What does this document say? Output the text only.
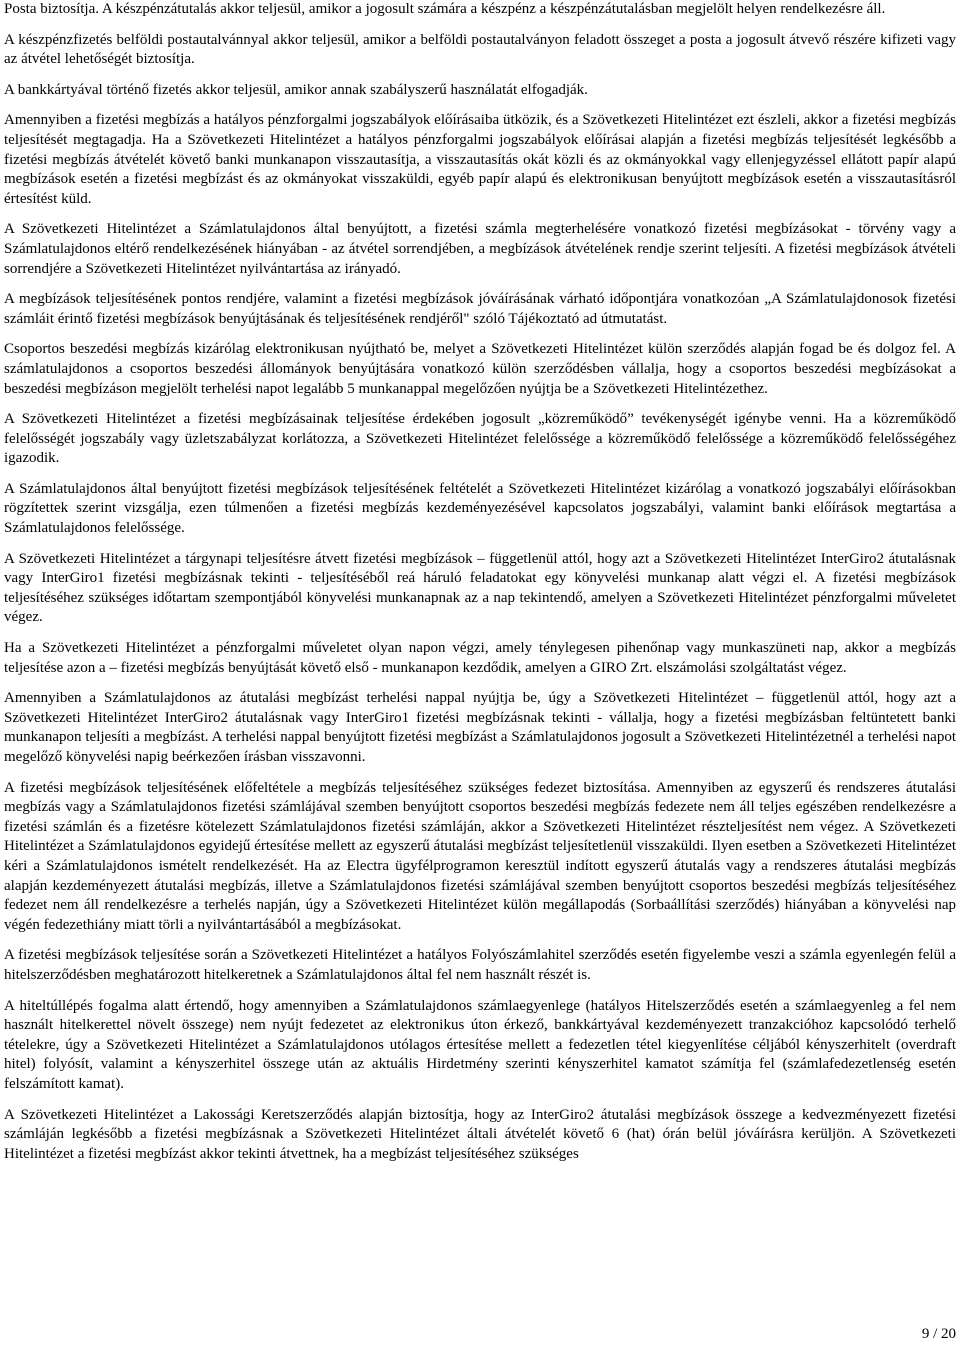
Posta biztosítja. A készpénzátutalás akkor teljesül, amikor a jogosult számára a készpénz a készpénzátutalásban megjelölt helyen rendelkezésre áll.

A készpénzfizetés belföldi postautalvánnyal akkor teljesül, amikor a belföldi postautalványon feladott összeget a posta a jogosult átvevő részére kifizeti vagy az átvétel lehetőségét biztosítja.

A bankkártyával történő fizetés akkor teljesül, amikor annak szabályszerű használatát elfogadják.

Amennyiben a fizetési megbízás a hatályos pénzforgalmi jogszabályok előírásaiba ütközik, és a Szövetkezeti Hitelintézet ezt észleli, akkor a fizetési megbízás teljesítését megtagadja. Ha a Szövetkezeti Hitelintézet a hatályos pénzforgalmi jogszabályok előírásai alapján a fizetési megbízás teljesítését legkésőbb a fizetési megbízás átvételét követő banki munkanapon visszautasítja, a visszautasítás okát közli és az okmányokkal vagy ellenjegyzéssel ellátott papír alapú megbízások esetén a fizetési megbízást és az okmányokat visszaküldi, egyéb papír alapú és elektronikusan benyújtott megbízások esetén a visszautasításról értesítést küld.

A Szövetkezeti Hitelintézet a Számlatulajdonos által benyújtott, a fizetési számla megterhelésére vonatkozó fizetési megbízásokat - törvény vagy a Számlatulajdonos eltérő rendelkezésének hiányában - az átvétel sorrendjében, a megbízások átvételének rendje szerint teljesíti. A fizetési megbízások átvételi sorrendjére a Szövetkezeti Hitelintézet nyilvántartása az irányadó.

A megbízások teljesítésének pontos rendjére, valamint a fizetési megbízások jóváírásának várható időpontjára vonatkozóan „A Számlatulajdonosok fizetési számláit érintő fizetési megbízások benyújtásának és teljesítésének rendjéről" szóló Tájékoztató ad útmutatást.

Csoportos beszedési megbízás kizárólag elektronikusan nyújtható be, melyet a Szövetkezeti Hitelintézet külön szerződés alapján fogad be és dolgoz fel. A számlatulajdonos a csoportos beszedési állományok benyújtására vonatkozó külön szerződésben vállalja, hogy a csoportos beszedési megbízásokat a beszedési megbízáson megjelölt terhelési napot legalább 5 munkanappal megelőzően nyújtja be a Szövetkezeti Hitelintézethez.

A Szövetkezeti Hitelintézet a fizetési megbízásainak teljesítése érdekében jogosult „közreműködő” tevékenységét igénybe venni. Ha a közreműködő felelősségét jogszabály vagy üzletszabályzat korlátozza, a Szövetkezeti Hitelintézet felelőssége a közreműködő felelőssége a közreműködő felelősségéhez igazodik.

A Számlatulajdonos által benyújtott fizetési megbízások teljesítésének feltételét a Szövetkezeti Hitelintézet kizárólag a vonatkozó jogszabályi előírásokban rögzítettek szerint vizsgálja, ezen túlmenően a fizetési megbízás kezdeményezésével kapcsolatos jogszabályi, valamint banki előírások megtartása a Számlatulajdonos felelőssége.

A Szövetkezeti Hitelintézet a tárgynapi teljesítésre átvett fizetési megbízások – függetlenül attól, hogy azt a Szövetkezeti Hitelintézet InterGiro2 átutalásnak vagy InterGiro1 fizetési megbízásnak tekinti - teljesítéséből reá háruló feladatokat egy könyvelési munkanap alatt végzi el. A fizetési megbízások teljesítéséhez szükséges időtartam szempontjából könyvelési munkanapnak az a nap tekintendő, amelyen a Szövetkezeti Hitelintézet pénzforgalmi műveletet végez.

Ha a Szövetkezeti Hitelintézet a pénzforgalmi műveletet olyan napon végzi, amely ténylegesen pihenőnap vagy munkaszüneti nap, akkor a megbízás teljesítése azon a – fizetési megbízás benyújtását követő első - munkanapon kezdődik, amelyen a GIRO Zrt. elszámolási szolgáltatást végez.

Amennyiben a Számlatulajdonos az átutalási megbízást terhelési nappal nyújtja be, úgy a Szövetkezeti Hitelintézet – függetlenül attól, hogy azt a Szövetkezeti Hitelintézet InterGiro2 átutalásnak vagy InterGiro1 fizetési megbízásnak tekinti - vállalja, hogy a fizetési megbízásban feltüntetett banki munkanapon teljesíti a megbízást. A terhelési nappal benyújtott fizetési megbízást a Számlatulajdonos jogosult a Szövetkezeti Hitelintézetnél a terhelési napot megelőző könyvelési napig beérkezően írásban visszavonni.

A fizetési megbízások teljesítésének előfeltétele a megbízás teljesítéséhez szükséges fedezet biztosítása. Amennyiben az egyszerű és rendszeres átutalási megbízás vagy a Számlatulajdonos fizetési számlájával szemben benyújtott csoportos beszedési megbízás fedezete nem áll teljes egészében rendelkezésre a fizetési számlán és a fizetésre kötelezett Számlatulajdonos fizetési számláján, akkor a Szövetkezeti Hitelintézet részteljesítést nem végez. A Szövetkezeti Hitelintézet a Számlatulajdonos egyidejű értesítése mellett az egyszerű átutalási megbízást teljesítetlenül visszaküldi. Ilyen esetben a Szövetkezeti Hitelintézet kéri a Számlatulajdonos ismételt rendelkezését. Ha az Electra ügyfélprogramon keresztül indított egyszerű átutalás vagy a rendszeres átutalási megbízás alapján kezdeményezett átutalási megbízás, illetve a Számlatulajdonos fizetési számlájával szemben benyújtott csoportos beszedési megbízás teljesítéséhez fedezet nem áll rendelkezésre a terhelés napján, úgy a Szövetkezeti Hitelintézet külön megállapodás (Sorbaállítási szerződés) hiányában a könyvelési nap végén fedezethiány miatt törli a nyilvántartásából a megbízásokat.

A fizetési megbízások teljesítése során a Szövetkezeti Hitelintézet a hatályos Folyószámlahitel szerződés esetén figyelembe veszi a számla egyenlegén felül a hitelszerződésben meghatározott hitelkeretnek a Számlatulajdonos által fel nem használt részét is.

A hiteltúllépés fogalma alatt értendő, hogy amennyiben a Számlatulajdonos számlaegyenlege (hatályos Hitelszerződés esetén a számlaegyenleg a fel nem használt hitelkerettel növelt összege) nem nyújt fedezetet az elektronikus úton érkező, bankkártyával kezdeményezett tranzakcióhoz kapcsolódó terhelő tételekre, úgy a Szövetkezeti Hitelintézet a Számlatulajdonos utólagos értesítése mellett a fedezetlen tétel kiegyenlítése céljából kényszerhitelt (overdraft hitel) folyósít, valamint a kényszerhitel összege után az aktuális Hirdetmény szerinti kényszerhitel kamatot számítja fel (számlafedezetlenség esetén felszámított kamat).

A Szövetkezeti Hitelintézet a Lakossági Keretszerződés alapján biztosítja, hogy az InterGiro2 átutalási megbízások összege a kedvezményezett fizetési számláján legkésőbb a fizetési megbízásnak a Szövetkezeti Hitelintézet általi átvételét követő 6 (hat) órán belül jóváírásra kerüljön. A Szövetkezeti Hitelintézet a fizetési megbízást akkor tekinti átvettnek, ha a megbízást teljesítéséhez szükséges

9 / 20
